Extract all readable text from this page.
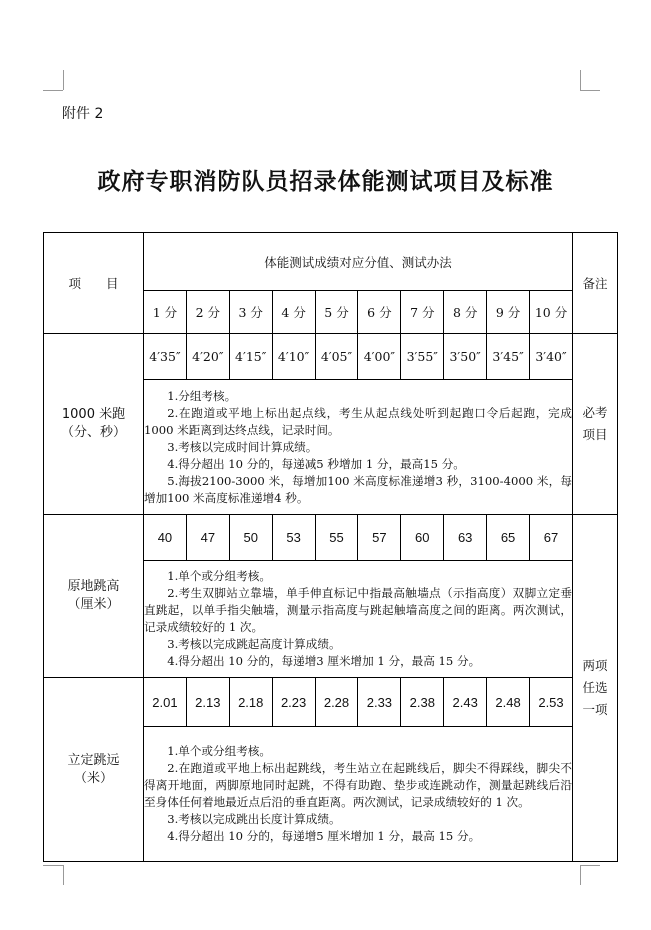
附件 2
政府专职消防队员招录体能测试项目及标准
项　　目	体能测试成绩对应分值、测试办法										备注
	1 分	2 分	3 分	4 分	5 分	6 分	7 分	8 分	9 分	10 分	

1000 米跑
（分、秒）	4′35″	4′20″	4′15″	4′10″	4′05″	4′00″	3′55″	3′50″	3′45″	3′40″	必考
项目

	1.分组考核。

2.在跑道或平地上标出起点线，考生从起点线处听到起跑口令后起跑，完成 1000 米距离到达终点线，记录时间。

3.考核以完成时间计算成绩。

4.得分超出 10 分的，每递减5 秒增加 1 分，最高15 分。

5.海拔2100-3000 米，每增加100 米高度标准递增3 秒，3100-4000 米，每增加100 米高度标准递增4 秒。										

原地跳高
（厘米）	40	47	50	53	55	57	60	63	65	67	两项
任选
一项

	1.单个或分组考核。

2.考生双脚站立靠墙，单手伸直标记中指最高触墙点（示指高度）双脚立定垂直跳起，以单手指尖触墙，测量示指高度与跳起触墙高度之间的距离。两次测试，记录成绩较好的 1 次。

3.考核以完成跳起高度计算成绩。

4.得分超出 10 分的，每递增3 厘米增加 1 分，最高 15 分。										

立定跳远
（米）	2.01	2.13	2.18	2.23	2.28	2.33	2.38	2.43	2.48	2.53	

	1.单个或分组考核。

2.在跑道或平地上标出起跳线，考生站立在起跳线后，脚尖不得踩线，脚尖不得离开地面，两脚原地同时起跳，不得有助跑、垫步或连跳动作，测量起跳线后沿至身体任何着地最近点后沿的垂直距离。两次测试，记录成绩较好的 1 次。

3.考核以完成跳出长度计算成绩。

4.得分超出 10 分的，每递增5 厘米增加 1 分，最高 15 分。										
